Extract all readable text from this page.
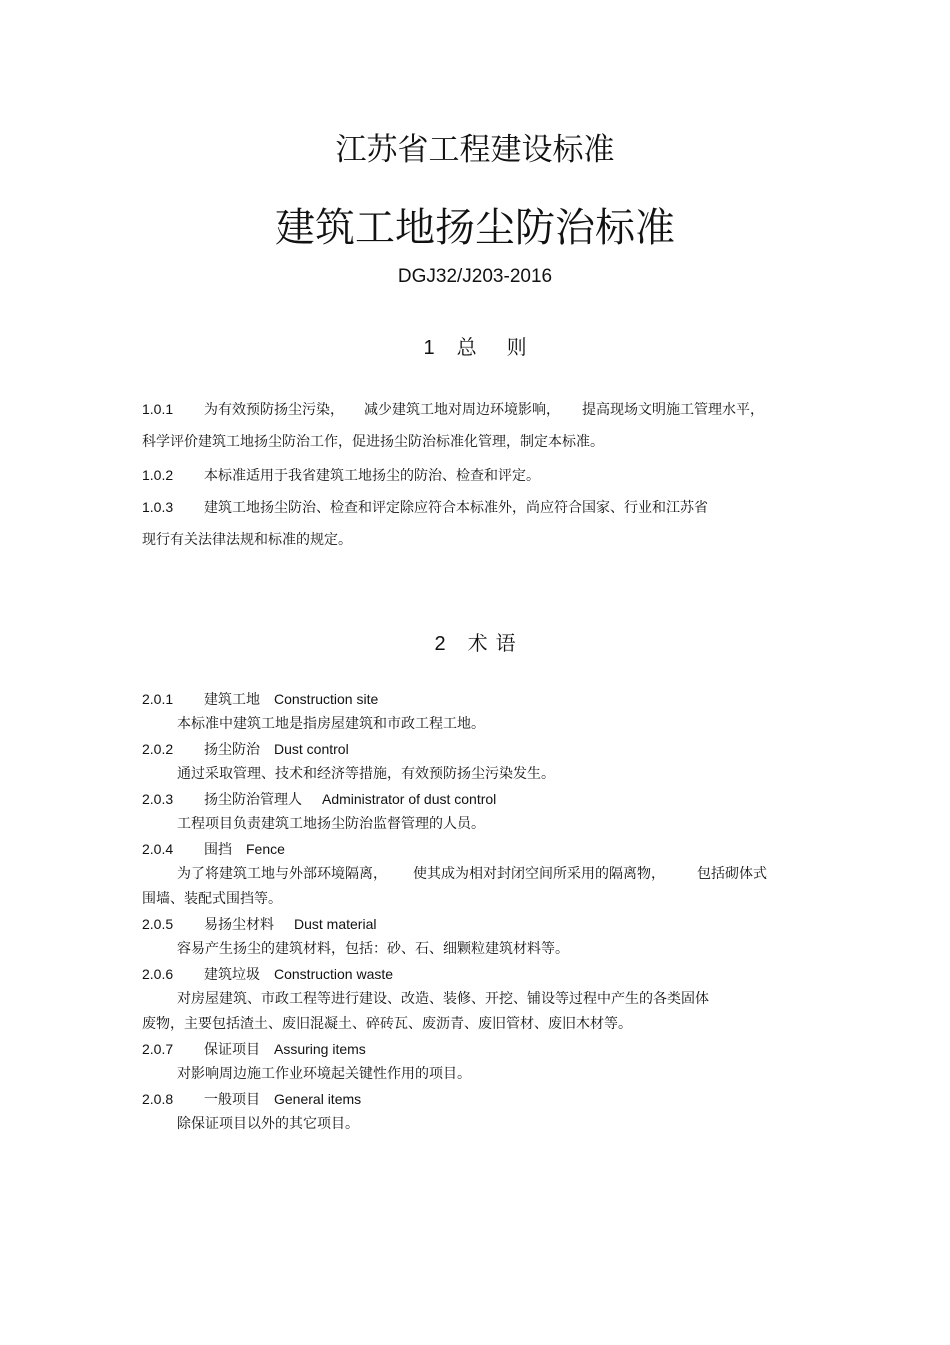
江苏省工程建设标准
建筑工地扬尘防治标准
DGJ32/J203-2016
1 总 则
1.0.1 为有效预防扬尘污染， 减少建筑工地对周边环境影响， 提高现场文明施工管理水平，
科学评价建筑工地扬尘防治工作，促进扬尘防治标准化管理，制定本标准。
1.0.2 本标准适用于我省建筑工地扬尘的防治、检查和评定。
1.0.3 建筑工地扬尘防治、检查和评定除应符合本标准外，尚应符合国家、行业和江苏省
现行有关法律法规和标准的规定。
2 术 语
2.0.1 建筑工地 Construction site
本标准中建筑工地是指房屋建筑和市政工程工地。
2.0.2 扬尘防治 Dust control
通过采取管理、技术和经济等措施，有效预防扬尘污染发生。
2.0.3 扬尘防治管理人 Administrator of dust control
工程项目负责建筑工地扬尘防治监督管理的人员。
2.0.4 围挡 Fence
为了将建筑工地与外部环境隔离， 使其成为相对封闭空间所采用的隔离物， 包括砌体式
围墙、装配式围挡等。
2.0.5 易扬尘材料 Dust material
容易产生扬尘的建筑材料，包括：砂、石、细颗粒建筑材料等。
2.0.6 建筑垃圾 Construction waste
对房屋建筑、市政工程等进行建设、改造、装修、开挖、铺设等过程中产生的各类固体
废物，主要包括渣土、废旧混凝土、碎砖瓦、废沥青、废旧管材、废旧木材等。
2.0.7 保证项目 Assuring items
对影响周边施工作业环境起关键性作用的项目。
2.0.8 一般项目 General items
除保证项目以外的其它项目。
